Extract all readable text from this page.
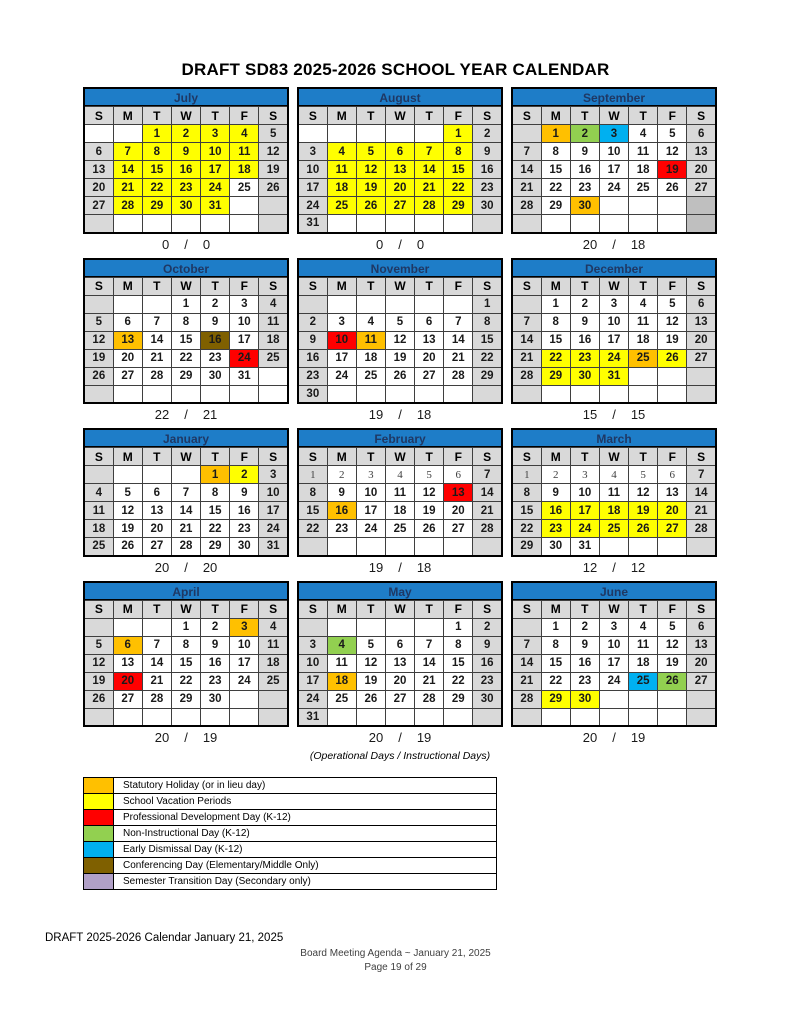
DRAFT SD83 2025-2026 SCHOOL YEAR CALENDAR
July
S	M	T	W	T	F	S
		1	2	3	4	5
6	7	8	9	10	11	12
13	14	15	16	17	18	19
20	21	22	23	24	25	26
27	28	29	30	31		

0 / 0
August
S	M	T	W	T	F	S
					1	2
3	4	5	6	7	8	9
10	11	12	13	14	15	16
17	18	19	20	21	22	23
24	25	26	27	28	29	30
31						
0 / 0
September
S	M	T	W	T	F	S
	1	2	3	4	5	6
7	8	9	10	11	12	13
14	15	16	17	18	19	20
21	22	23	24	25	26	27
28	29	30				

20 / 18
October
S	M	T	W	T	F	S
			1	2	3	4
5	6	7	8	9	10	11
12	13	14	15	16	17	18
19	20	21	22	23	24	25
26	27	28	29	30	31	

22 / 21
November
S	M	T	W	T	F	S
						1
2	3	4	5	6	7	8
9	10	11	12	13	14	15
16	17	18	19	20	21	22
23	24	25	26	27	28	29
30						
19 / 18
December
S	M	T	W	T	F	S
	1	2	3	4	5	6
7	8	9	10	11	12	13
14	15	16	17	18	19	20
21	22	23	24	25	26	27
28	29	30	31			

15 / 15
January
S	M	T	W	T	F	S
				1	2	3
4	5	6	7	8	9	10
11	12	13	14	15	16	17
18	19	20	21	22	23	24
25	26	27	28	29	30	31
20 / 20
February
S	M	T	W	T	F	S
1	2	3	4	5	6	7
8	9	10	11	12	13	14
15	16	17	18	19	20	21
22	23	24	25	26	27	28

19 / 18
March
S	M	T	W	T	F	S
1	2	3	4	5	6	7
8	9	10	11	12	13	14
15	16	17	18	19	20	21
22	23	24	25	26	27	28
29	30	31				
12 / 12
April
S	M	T	W	T	F	S
			1	2	3	4
5	6	7	8	9	10	11
12	13	14	15	16	17	18
19	20	21	22	23	24	25
26	27	28	29	30		

20 / 19
May
S	M	T	W	T	F	S
					1	2
3	4	5	6	7	8	9
10	11	12	13	14	15	16
17	18	19	20	21	22	23
24	25	26	27	28	29	30
31						
20 / 19
June
S	M	T	W	T	F	S
	1	2	3	4	5	6
7	8	9	10	11	12	13
14	15	16	17	18	19	20
21	22	23	24	25	26	27
28	29	30				

20 / 19
(Operational Days / Instructional Days)
Statutory Holiday (or in lieu day)
School Vacation Periods
Professional Development Day (K-12)
Non-Instructional Day (K-12)
Early Dismissal Day (K-12)
Conferencing Day (Elementary/Middle Only)
Semester Transition Day (Secondary only)
DRAFT 2025-2026 Calendar January 21, 2025
Board Meeting Agenda ~ January 21, 2025
Page 19 of 29
